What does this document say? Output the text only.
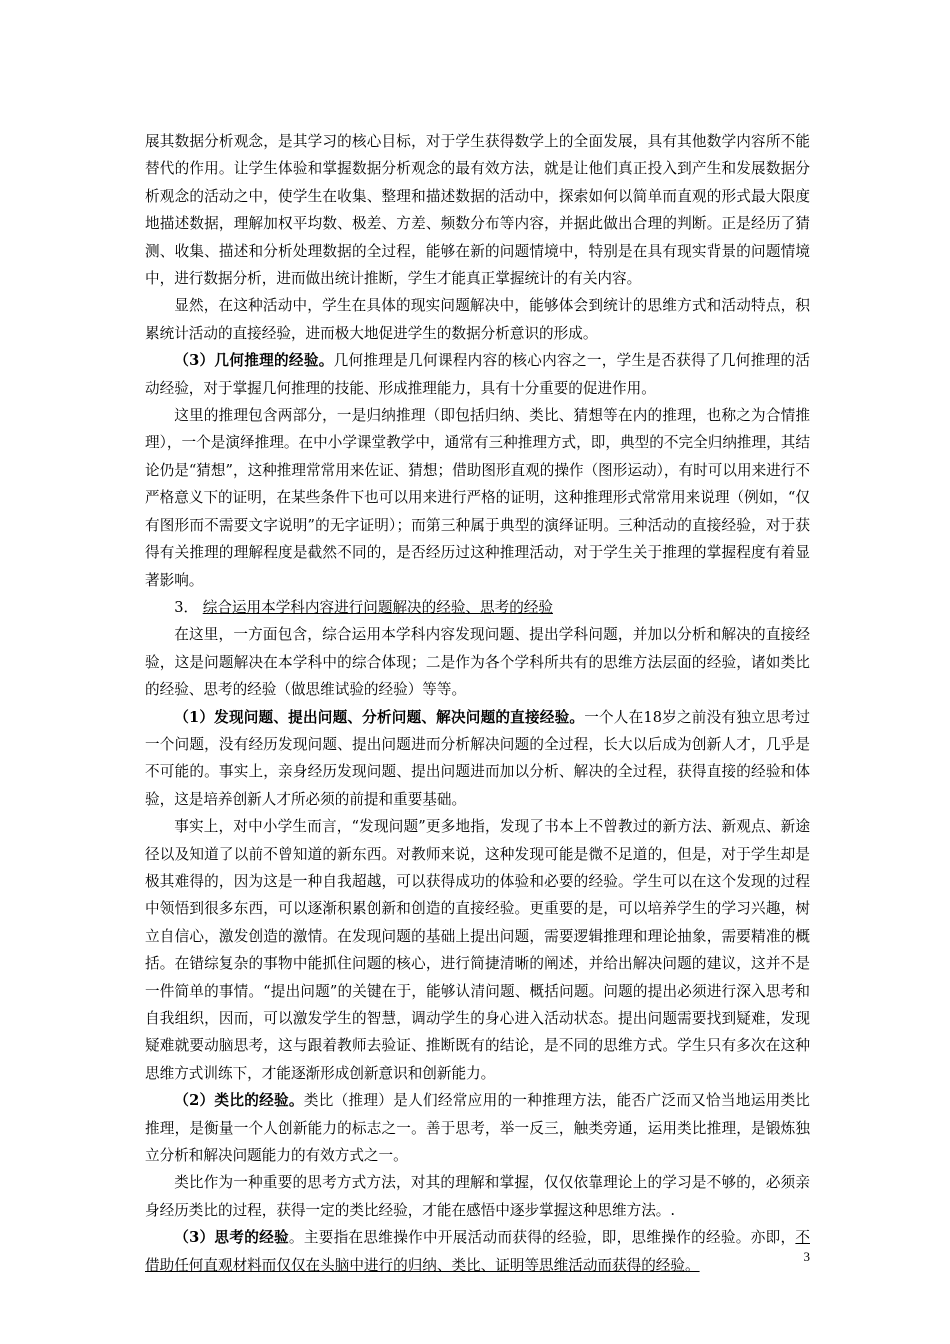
展其数据分析观念，是其学习的核心目标，对于学生获得数学上的全面发展，具有其他数学内容所不能替代的作用。让学生体验和掌握数据分析观念的最有效方法，就是让他们真正投入到产生和发展数据分析观念的活动之中，使学生在收集、整理和描述数据的活动中，探索如何以简单而直观的形式最大限度地描述数据，理解加权平均数、极差、方差、频数分布等内容，并据此做出合理的判断。正是经历了猜测、收集、描述和分析处理数据的全过程，能够在新的问题情境中，特别是在具有现实背景的问题情境中，进行数据分析，进而做出统计推断，学生才能真正掌握统计的有关内容。

显然，在这种活动中，学生在具体的现实问题解决中，能够体会到统计的思维方式和活动特点，积累统计活动的直接经验，进而极大地促进学生的数据分析意识的形成。

（3）几何推理的经验。几何推理是几何课程内容的核心内容之一，学生是否获得了几何推理的活动经验，对于掌握几何推理的技能、形成推理能力，具有十分重要的促进作用。

这里的推理包含两部分，一是归纳推理（即包括归纳、类比、猜想等在内的推理，也称之为合情推理），一个是演绎推理。在中小学课堂教学中，通常有三种推理方式，即，典型的不完全归纳推理，其结论仍是“猜想”，这种推理常常用来佐证、猜想；借助图形直观的操作（图形运动），有时可以用来进行不严格意义下的证明，在某些条件下也可以用来进行严格的证明，这种推理形式常常用来说理（例如，“仅有图形而不需要文字说明”的无字证明）；而第三种属于典型的演绎证明。三种活动的直接经验，对于获得有关推理的理解程度是截然不同的，是否经历过这种推理活动，对于学生关于推理的掌握程度有着显著影响。

3． 综合运用本学科内容进行问题解决的经验、思考的经验

在这里，一方面包含，综合运用本学科内容发现问题、提出学科问题，并加以分析和解决的直接经验，这是问题解决在本学科中的综合体现；二是作为各个学科所共有的思维方法层面的经验，诸如类比的经验、思考的经验（做思维试验的经验）等等。

（1）发现问题、提出问题、分析问题、解决问题的直接经验。一个人在18岁之前没有独立思考过一个问题，没有经历发现问题、提出问题进而分析解决问题的全过程，长大以后成为创新人才，几乎是不可能的。事实上，亲身经历发现问题、提出问题进而加以分析、解决的全过程，获得直接的经验和体验，这是培养创新人才所必须的前提和重要基础。

事实上，对中小学生而言，“发现问题”更多地指，发现了书本上不曾教过的新方法、新观点、新途径以及知道了以前不曾知道的新东西。对教师来说，这种发现可能是微不足道的，但是，对于学生却是极其难得的，因为这是一种自我超越，可以获得成功的体验和必要的经验。学生可以在这个发现的过程中领悟到很多东西，可以逐渐积累创新和创造的直接经验。更重要的是，可以培养学生的学习兴趣，树立自信心，激发创造的激情。在发现问题的基础上提出问题，需要逻辑推理和理论抽象，需要精准的概括。在错综复杂的事物中能抓住问题的核心，进行简捷清晰的阐述，并给出解决问题的建议，这并不是一件简单的事情。“提出问题”的关键在于，能够认清问题、概括问题。问题的提出必须进行深入思考和自我组织，因而，可以激发学生的智慧，调动学生的身心进入活动状态。提出问题需要找到疑难，发现疑难就要动脑思考，这与跟着教师去验证、推断既有的结论，是不同的思维方式。学生只有多次在这种思维方式训练下，才能逐渐形成创新意识和创新能力。

（2）类比的经验。类比（推理）是人们经常应用的一种推理方法，能否广泛而又恰当地运用类比推理，是衡量一个人创新能力的标志之一。善于思考，举一反三，触类旁通，运用类比推理，是锻炼独立分析和解决问题能力的有效方式之一。

类比作为一种重要的思考方式方法，对其的理解和掌握，仅仅依靠理论上的学习是不够的，必须亲身经历类比的过程，获得一定的类比经验，才能在感悟中逐步掌握这种思维方法。.

（3）思考的经验。主要指在思维操作中开展活动而获得的经验，即，思维操作的经验。亦即，不借助任何直观材料而仅仅在头脑中进行的归纳、类比、证明等思维活动而获得的经验。

3
